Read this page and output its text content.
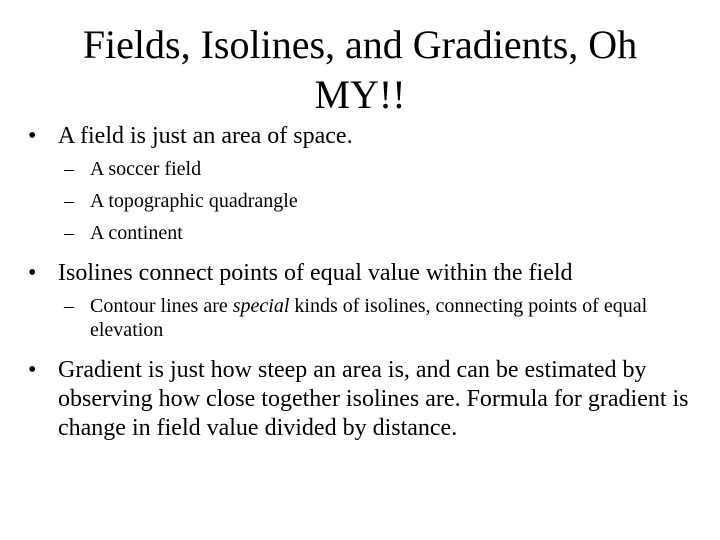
Fields, Isolines, and Gradients, Oh
MY!!
• A field is just an area of space.
– A soccer field
– A topographic quadrangle
– A continent
• Isolines connect points of equal value within the field
– Contour lines are special kinds of isolines, connecting points of equal elevation
• Gradient is just how steep an area is, and can be estimated by observing how close together isolines are. Formula for gradient is change in field value divided by distance.
